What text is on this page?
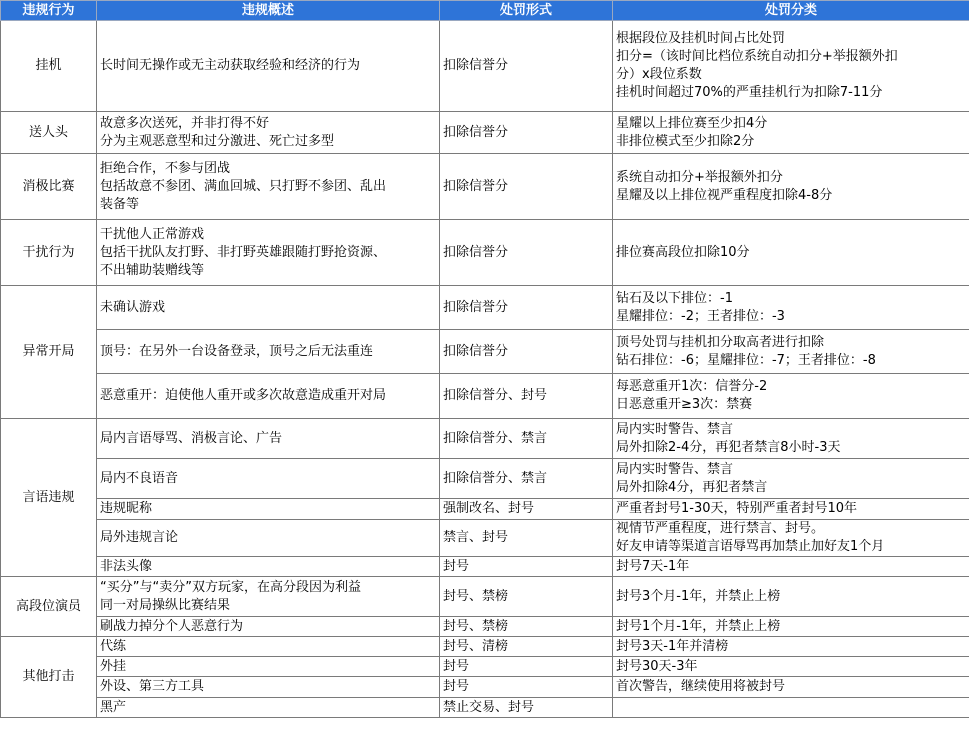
违规行为	违规概述	处罚形式	处罚分类
挂机	长时间无操作或无主动获取经验和经济的行为	扣除信誉分	根据段位及挂机时间占比处罚
扣分=（该时间比档位系统自动扣分+举报额外扣
分）x段位系数
挂机时间超过70%的严重挂机行为扣除7-11分

送人头	故意多次送死，并非打得不好
分为主观恶意型和过分激进、死亡过多型	扣除信誉分	星耀以上排位赛至少扣4分
非排位模式至少扣除2分

消极比赛	拒绝合作，不参与团战
包括故意不参团、满血回城、只打野不参团、乱出
装备等	扣除信誉分	系统自动扣分+举报额外扣分
星耀及以上排位视严重程度扣除4-8分

干扰行为	干扰他人正常游戏
包括干扰队友打野、非打野英雄跟随打野抢资源、
不出辅助装赠线等	扣除信誉分	排位赛高段位扣除10分

异常开局	未确认游戏	扣除信誉分	钻石及以下排位：-1
星耀排位：-2；王者排位：-3

	顶号：在另外一台设备登录，顶号之后无法重连	扣除信誉分	顶号处罚与挂机扣分取高者进行扣除
钻石排位：-6；星耀排位：-7；王者排位：-8

	恶意重开：迫使他人重开或多次故意造成重开对局	扣除信誉分、封号	每恶意重开1次：信誉分-2
日恶意重开≥3次：禁赛

言语违规	局内言语辱骂、消极言论、广告	扣除信誉分、禁言	局内实时警告、禁言
局外扣除2-4分，再犯者禁言8小时-3天

	局内不良语音	扣除信誉分、禁言	局内实时警告、禁言
局外扣除4分，再犯者禁言

	违规昵称	强制改名、封号	严重者封号1-30天，特别严重者封号10年

	局外违规言论	禁言、封号	视情节严重程度，进行禁言、封号。
好友申请等渠道言语辱骂再加禁止加好友1个月

	非法头像	封号	封号7天-1年

高段位演员	“买分”与“卖分”双方玩家，在高分段因为利益
同一对局操纵比赛结果	封号、禁榜	封号3个月-1年，并禁止上榜

	刷战力掉分个人恶意行为	封号、禁榜	封号1个月-1年，并禁止上榜

其他打击	代练	封号、清榜	封号3天-1年并清榜

	外挂	封号	封号30天-3年

	外设、第三方工具	封号	首次警告，继续使用将被封号

	黑产	禁止交易、封号	
